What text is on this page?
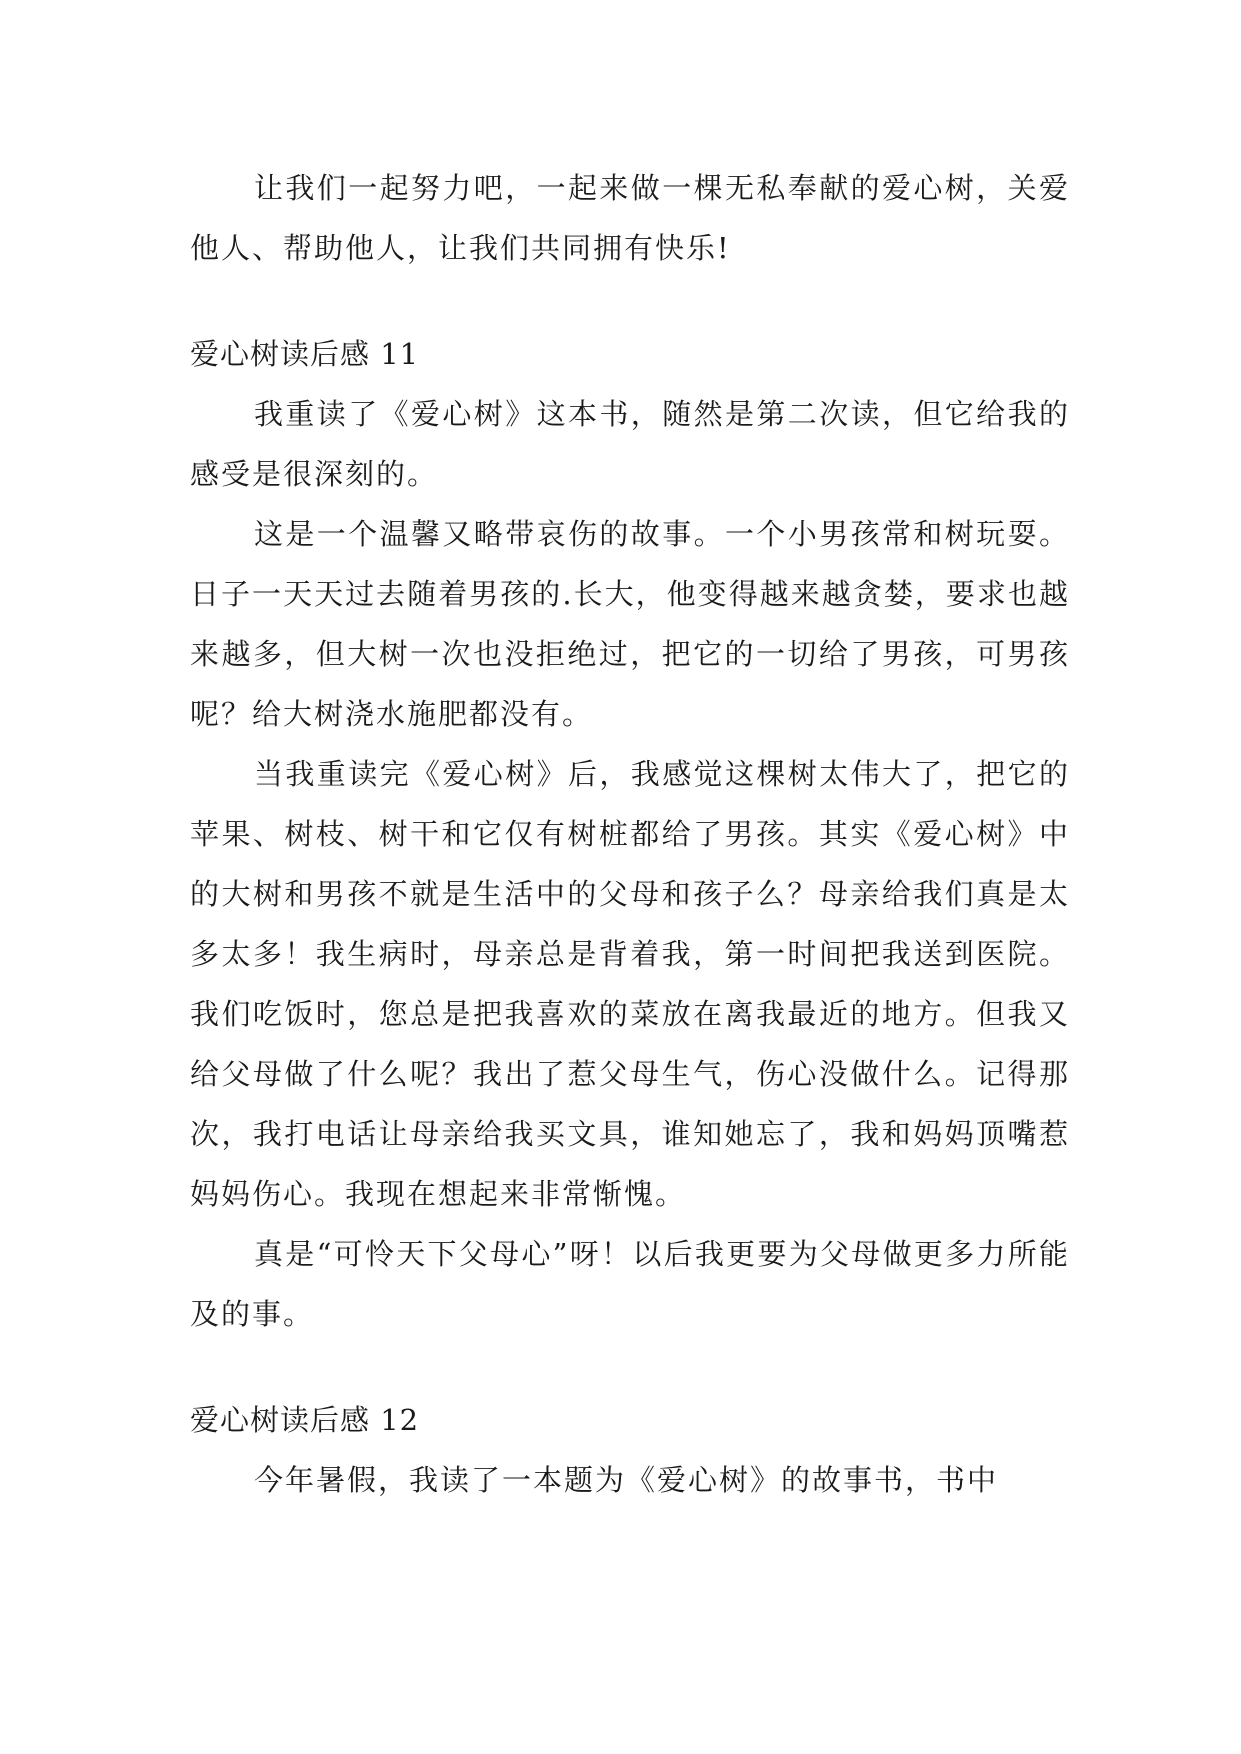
让我们一起努力吧，一起来做一棵无私奉献的爱心树，关爱他人、帮助他人，让我们共同拥有快乐!

爱心树读后感 11

我重读了《爱心树》这本书，随然是第二次读，但它给我的感受是很深刻的。

这是一个温馨又略带哀伤的故事。一个小男孩常和树玩耍。日子一天天过去随着男孩的.长大，他变得越来越贪婪，要求也越来越多，但大树一次也没拒绝过，把它的一切给了男孩，可男孩呢？给大树浇水施肥都没有。

当我重读完《爱心树》后，我感觉这棵树太伟大了，把它的苹果、树枝、树干和它仅有树桩都给了男孩。其实《爱心树》中的大树和男孩不就是生活中的父母和孩子么？母亲给我们真是太多太多！我生病时，母亲总是背着我，第一时间把我送到医院。我们吃饭时，您总是把我喜欢的菜放在离我最近的地方。但我又给父母做了什么呢？我出了惹父母生气，伤心没做什么。记得那次，我打电话让母亲给我买文具，谁知她忘了，我和妈妈顶嘴惹妈妈伤心。我现在想起来非常惭愧。

真是“可怜天下父母心”呀！以后我更要为父母做更多力所能及的事。

爱心树读后感 12

今年暑假，我读了一本题为《爱心树》的故事书，书中
